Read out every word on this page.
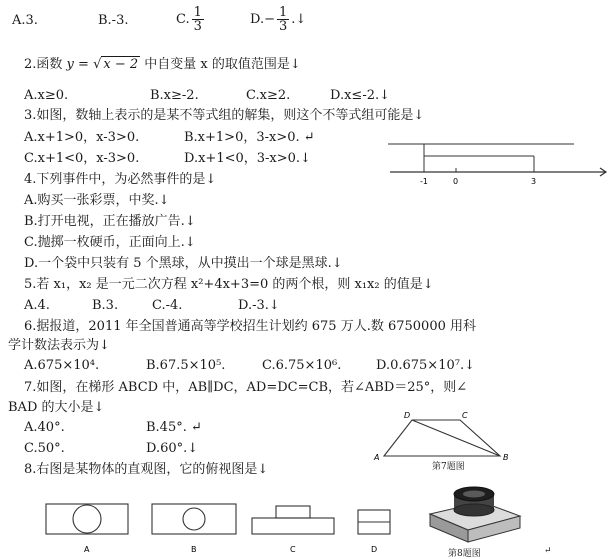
A.3.	B.-3.	C. $\frac{1}{3}$	$D.- \frac{1}{3}$ .↓
2.函数 y = √ x − 2 中自变量 x 的取值范围是↓
A.x≥0.	B.x≥-2.	C.x≥2.	D.x≤-2.↓
3.如图，数轴上表示的是某不等式组的解集，则这个不等式组可能是↓
A.x+1>0，x-3>0.	B.x+1>0，3-x>0. ↵
C.x+1<0，x-3>0.	D.x+1<0，3-x>0.↓
-1	0	3
4.下列事件中，为必然事件的是↓
A.购买一张彩票，中奖.↓
B.打开电视，正在播放广告.↓
C.抛掷一枚硬币，正面向上.↓
D.一个袋中只装有 5 个黑球，从中摸出一个球是黑球.↓
5.若 x₁，x₂ 是一元二次方程 x²+4x+3=0 的两个根，则 x₁x₂ 的值是↓
A.4.	B.3.	C.-4.	D.-3.↓
6.据报道，2011 年全国普通高等学校招生计划约 675 万人.数 6750000 用科
学计数法表示为↓
A.675×10⁴.	B.67.5×10⁵.	C.6.75×10⁶.	D.0.675×10⁷.↓
7.如图，在梯形 ABCD 中，AB∥DC，AD=DC=CB，若∠ABD＝25°，则∠
BAD 的大小是↓
A.40°.	B.45°. ↵
C.50°.	D.60°.↓
A	B
C
D
第7题图
8.右图是某物体的直观图，它的俯视图是↓
A	B	C	D	第8题图	↵
